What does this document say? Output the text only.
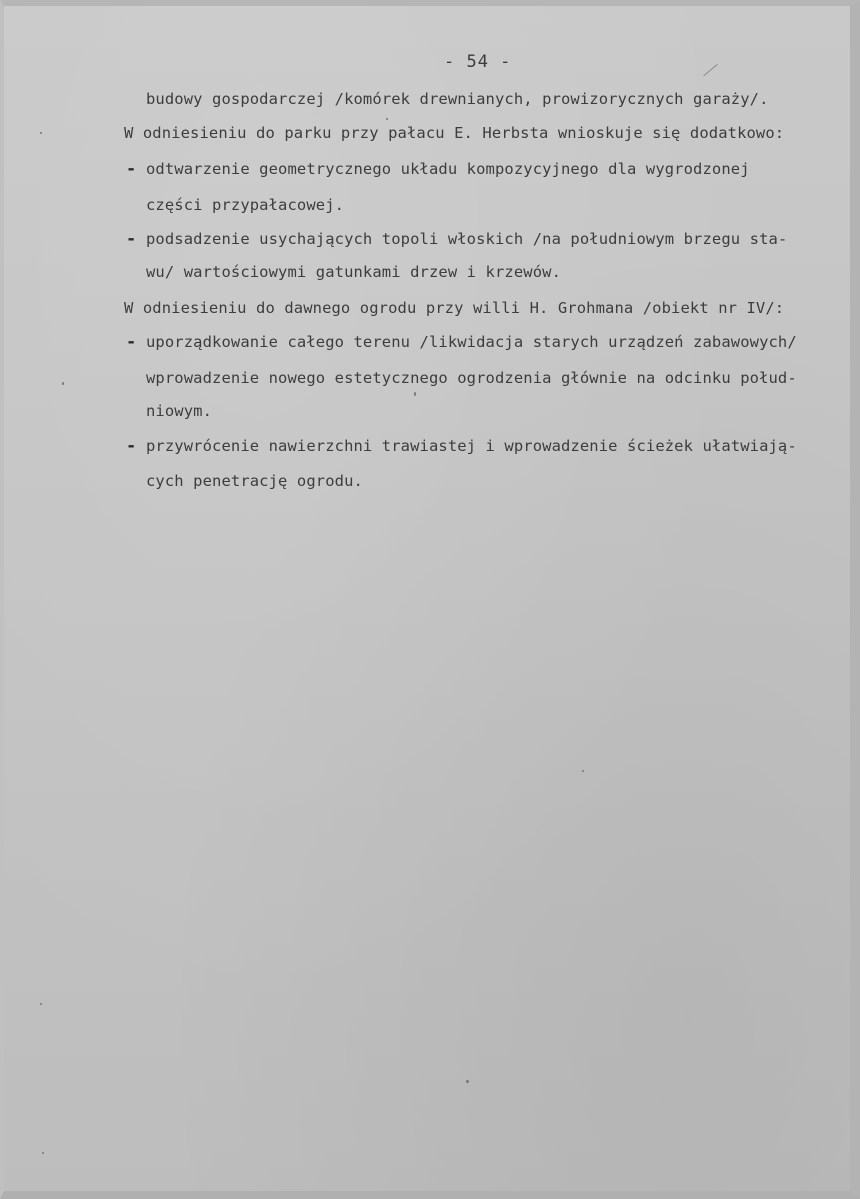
- 54 -
budowy gospodarczej /komórek drewnianych, prowizorycznych garaży/.
W odniesieniu do parku przy pałacu E. Herbsta wnioskuje się dodatkowo:
- odtwarzenie geometrycznego układu kompozycyjnego dla wygrodzonej
części przypałacowej.
- podsadzenie usychających topoli włoskich /na południowym brzegu sta-
wu/ wartościowymi gatunkami drzew i krzewów.
W odniesieniu do dawnego ogrodu przy willi H. Grohmana /obiekt nr IV/:
- uporządkowanie całego terenu /likwidacja starych urządzeń zabawowych/
wprowadzenie nowego estetycznego ogrodzenia głównie na odcinku połud-
niowym.
- przywrócenie nawierzchni trawiastej i wprowadzenie ścieżek ułatwiają-
cych penetrację ogrodu.
